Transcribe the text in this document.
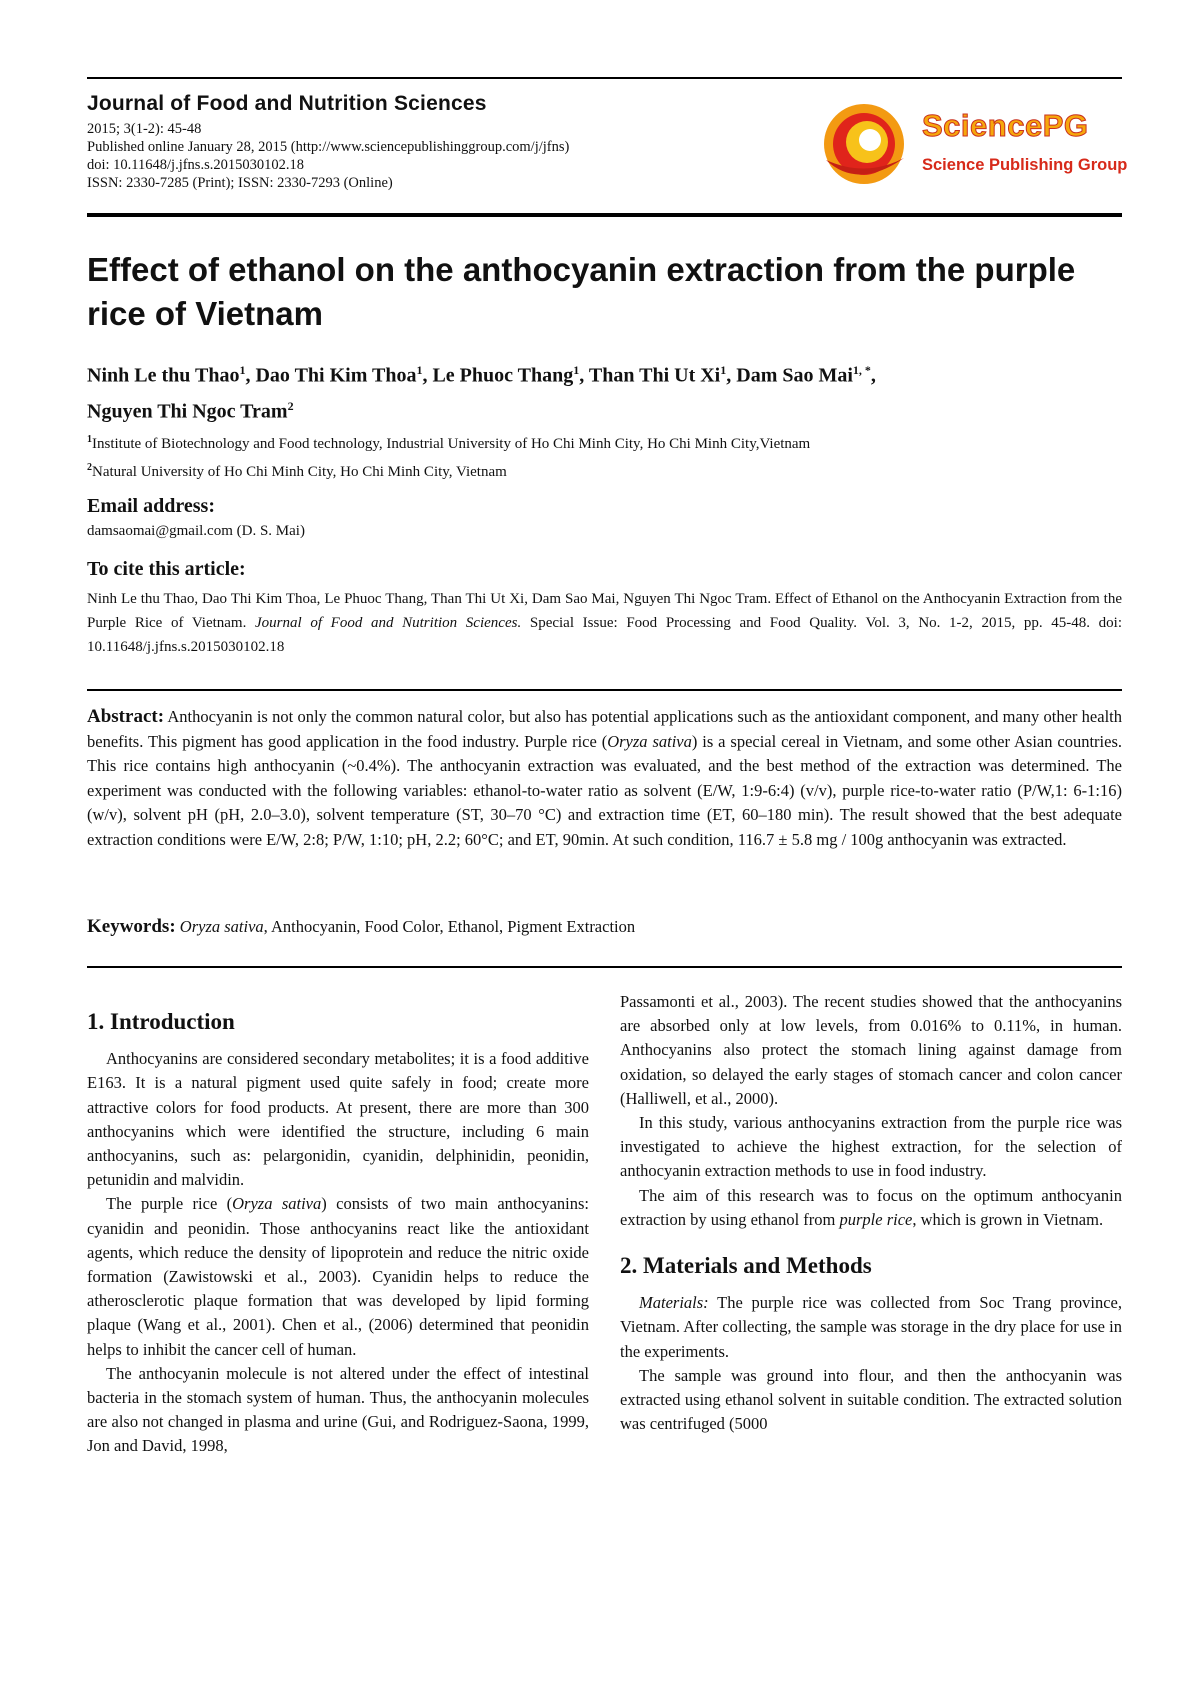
Journal of Food and Nutrition Sciences
2015; 3(1-2): 45-48
Published online January 28, 2015 (http://www.sciencepublishinggroup.com/j/jfns)
doi: 10.11648/j.jfns.s.2015030102.18
ISSN: 2330-7285 (Print); ISSN: 2330-7293 (Online)
SciencePG
Science Publishing Group
Effect of ethanol on the anthocyanin extraction from the purple rice of Vietnam
Ninh Le thu Thao$^1$, Dao Thi Kim Thoa$^1$, Le Phuoc Thang$^1$, Than Thi Ut Xi$^1$, Dam Sao Mai$^{1, *}$,
Nguyen Thi Ngoc Tram$^2$
$^1$Institute of Biotechnology and Food technology, Industrial University of Ho Chi Minh City, Ho Chi Minh City,Vietnam
$^2$Natural University of Ho Chi Minh City, Ho Chi Minh City, Vietnam
Email address:
damsaomai@gmail.com (D. S. Mai)
To cite this article:
Ninh Le thu Thao, Dao Thi Kim Thoa, Le Phuoc Thang, Than Thi Ut Xi, Dam Sao Mai, Nguyen Thi Ngoc Tram. Effect of Ethanol on the Anthocyanin Extraction from the Purple Rice of Vietnam. Journal of Food and Nutrition Sciences. Special Issue: Food Processing and Food Quality. Vol. 3, No. 1-2, 2015, pp. 45-48. doi: 10.11648/j.jfns.s.2015030102.18
Abstract: Anthocyanin is not only the common natural color, but also has potential applications such as the antioxidant component, and many other health benefits. This pigment has good application in the food industry. Purple rice (Oryza sativa) is a special cereal in Vietnam, and some other Asian countries. This rice contains high anthocyanin (~0.4%). The anthocyanin extraction was evaluated, and the best method of the extraction was determined. The experiment was conducted with the following variables: ethanol-to-water ratio as solvent (E/W, 1:9-6:4) (v/v), purple rice-to-water ratio (P/W,1: 6-1:16) (w/v), solvent pH (pH, 2.0–3.0), solvent temperature (ST, 30–70 °C) and extraction time (ET, 60–180 min). The result showed that the best adequate extraction conditions were E/W, 2:8; P/W, 1:10; pH, 2.2; 60°C; and ET, 90min. At such condition, 116.7 ± 5.8 mg / 100g anthocyanin was extracted.
Keywords: Oryza sativa, Anthocyanin, Food Color, Ethanol, Pigment Extraction
1. Introduction

Anthocyanins are considered secondary metabolites; it is a food additive E163. It is a natural pigment used quite safely in food; create more attractive colors for food products. At present, there are more than 300 anthocyanins which were identified the structure, including 6 main anthocyanins, such as: pelargonidin, cyanidin, delphinidin, peonidin, petunidin and malvidin.

The purple rice (Oryza sativa) consists of two main anthocyanins: cyanidin and peonidin. Those anthocyanins react like the antioxidant agents, which reduce the density of lipoprotein and reduce the nitric oxide formation (Zawistowski et al., 2003). Cyanidin helps to reduce the atherosclerotic plaque formation that was developed by lipid forming plaque (Wang et al., 2001). Chen et al., (2006) determined that peonidin helps to inhibit the cancer cell of human.

The anthocyanin molecule is not altered under the effect of intestinal bacteria in the stomach system of human. Thus, the anthocyanin molecules are also not changed in plasma and urine (Gui, and Rodriguez-Saona, 1999, Jon and David, 1998,

Passamonti et al., 2003). The recent studies showed that the anthocyanins are absorbed only at low levels, from 0.016% to 0.11%, in human. Anthocyanins also protect the stomach lining against damage from oxidation, so delayed the early stages of stomach cancer and colon cancer (Halliwell, et al., 2000).

In this study, various anthocyanins extraction from the purple rice was investigated to achieve the highest extraction, for the selection of anthocyanin extraction methods to use in food industry.

The aim of this research was to focus on the optimum anthocyanin extraction by using ethanol from purple rice, which is grown in Vietnam.

2. Materials and Methods

Materials: The purple rice was collected from Soc Trang province, Vietnam. After collecting, the sample was storage in the dry place for use in the experiments.

The sample was ground into flour, and then the anthocyanin was extracted using ethanol solvent in suitable condition. The extracted solution was centrifuged (5000
